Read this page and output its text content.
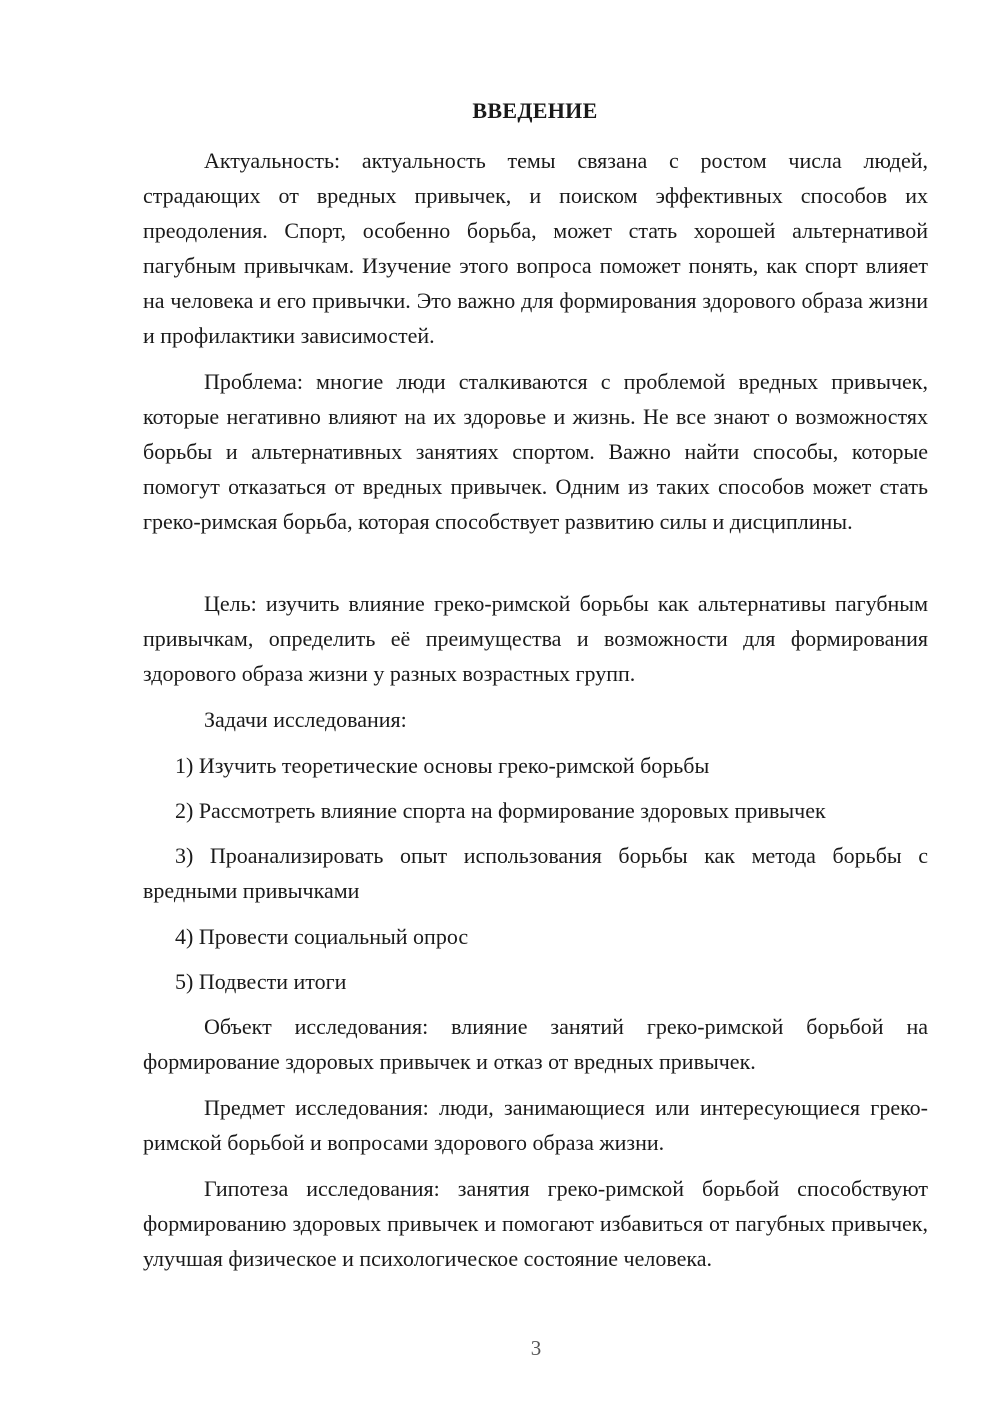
ВВЕДЕНИЕ

Актуальность: актуальность темы связана с ростом числа людей, страдающих от вредных привычек, и поиском эффективных способов их преодоления. Спорт, особенно борьба, может стать хорошей альтернативой пагубным привычкам. Изучение этого вопроса поможет понять, как спорт влияет на человека и его привычки. Это важно для формирования здорового образа жизни и профилактики зависимостей.

Проблема: многие люди сталкиваются с проблемой вредных привычек, которые негативно влияют на их здоровье и жизнь. Не все знают о возможностях борьбы и альтернативных занятиях спортом. Важно найти способы, которые помогут отказаться от вредных привычек. Одним из таких способов может стать греко-римская борьба, которая способствует развитию силы и дисциплины.

Цель: изучить влияние греко-римской борьбы как альтернативы пагубным привычкам, определить её преимущества и возможности для формирования здорового образа жизни у разных возрастных групп.

Задачи исследования:

1) Изучить теоретические основы греко-римской борьбы

2) Рассмотреть влияние спорта на формирование здоровых привычек

3) Проанализировать опыт использования борьбы как метода борьбы с вредными привычками

4) Провести социальный опрос

5) Подвести итоги

Объект исследования: влияние занятий греко-римской борьбой на формирование здоровых привычек и отказ от вредных привычек.

Предмет исследования: люди, занимающиеся или интересующиеся греко-римской борьбой и вопросами здорового образа жизни.

Гипотеза исследования: занятия греко-римской борьбой способствуют формированию здоровых привычек и помогают избавиться от пагубных привычек, улучшая физическое и психологическое состояние человека.

3
